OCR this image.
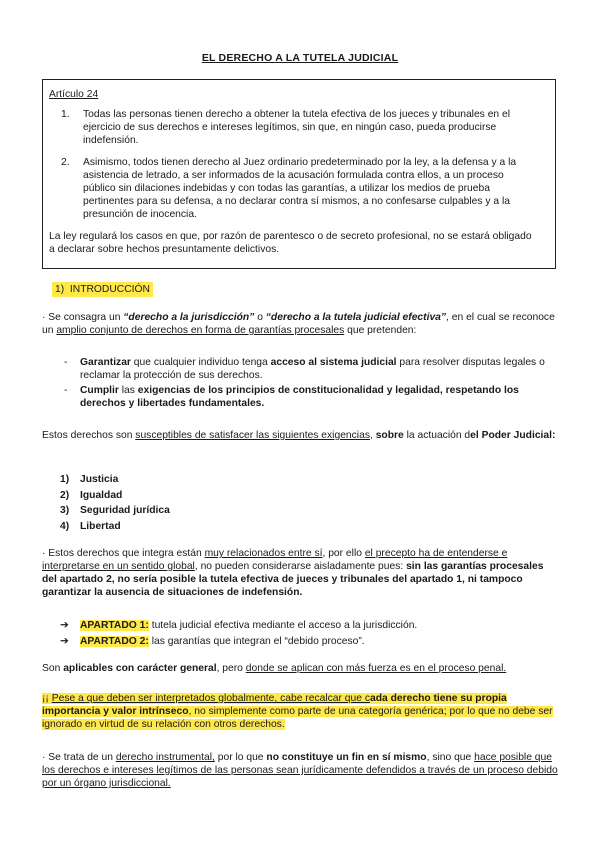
EL DERECHO A LA TUTELA JUDICIAL
Artículo 24
1.	Todas las personas tienen derecho a obtener la tutela efectiva de los jueces y tribunales en el ejercicio de sus derechos e intereses legítimos, sin que, en ningún caso, pueda producirse indefensión.
2.	Asimismo, todos tienen derecho al Juez ordinario predeterminado por la ley, a la defensa y a la asistencia de letrado, a ser informados de la acusación formulada contra ellos, a un proceso público sin dilaciones indebidas y con todas las garantías, a utilizar los medios de prueba pertinentes para su defensa, a no declarar contra sí mismos, a no confesarse culpables y a la presunción de inocencia.
La ley regulará los casos en que, por razón de parentesco o de secreto profesional, no se estará obligado a declarar sobre hechos presuntamente delictivos.
1) INTRODUCCIÓN
· Se consagra un “derecho a la jurisdicción” o “derecho a la tutela judicial efectiva”, en el cual se reconoce un amplio conjunto de derechos en forma de garantías procesales que pretenden:
-	Garantizar que cualquier individuo tenga acceso al sistema judicial para resolver disputas legales o reclamar la protección de sus derechos.
-	Cumplir las exigencias de los principios de constitucionalidad y legalidad, respetando los derechos y libertades fundamentales.
Estos derechos son susceptibles de satisfacer las siguientes exigencias, sobre la actuación del Poder Judicial:
1)	Justicia
2)	Igualdad
3)	Seguridad jurídica
4)	Libertad
· Estos derechos que integra están muy relacionados entre sí, por ello el precepto ha de entenderse e interpretarse en un sentido global, no pueden considerarse aisladamente pues: sin las garantías procesales del apartado 2, no sería posible la tutela efectiva de jueces y tribunales del apartado 1, ni tampoco garantizar la ausencia de situaciones de indefensión.
➔	APARTADO 1: tutela judicial efectiva mediante el acceso a la jurisdicción.
➔	APARTADO 2: las garantías que integran el “debido proceso”.
Son aplicables con carácter general, pero donde se aplican con más fuerza es en el proceso penal.
¡¡ Pese a que deben ser interpretados globalmente, cabe recalcar que cada derecho tiene su propia importancia y valor intrínseco, no simplemente como parte de una categoría genérica; por lo que no debe ser ignorado en virtud de su relación con otros derechos.
· Se trata de un derecho instrumental, por lo que no constituye un fin en sí mismo, sino que hace posible que los derechos e intereses legítimos de las personas sean jurídicamente defendidos a través de un proceso debido por un órgano jurisdiccional.
